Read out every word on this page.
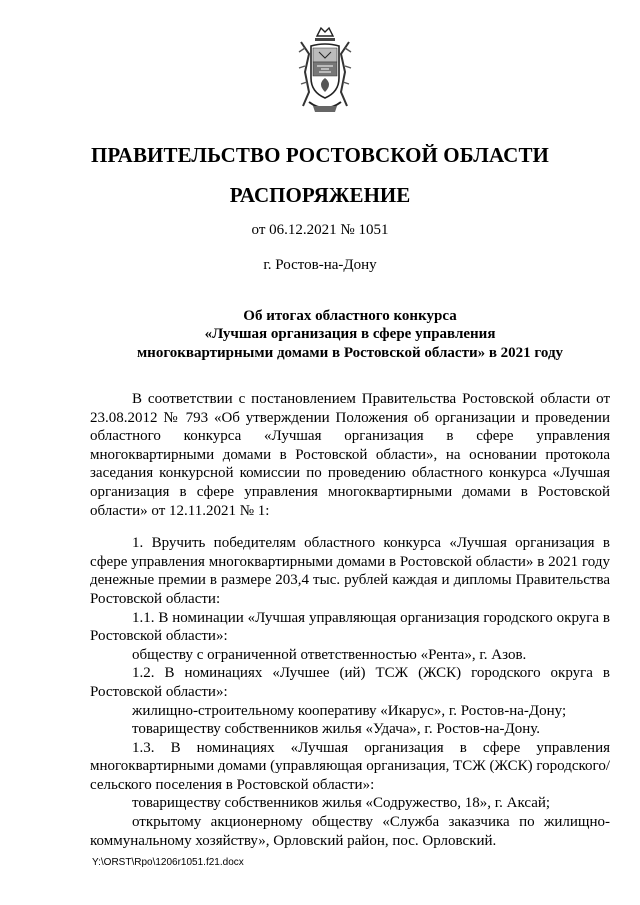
ПРАВИТЕЛЬСТВО РОСТОВСКОЙ ОБЛАСТИ
РАСПОРЯЖЕНИЕ
от 06.12.2021 № 1051
г. Ростов-на-Дону
Об итогах областного конкурса
«Лучшая организация в сфере управления
многоквартирными домами в Ростовской области» в 2021 году

В соответствии с постановлением Правительства Ростовской области от 23.08.2012 № 793 «Об утверждении Положения об организации и проведении областного конкурса «Лучшая организация в сфере управления многоквартирными домами в Ростовской области», на основании протокола заседания конкурсной комиссии по проведению областного конкурса «Лучшая организация в сфере управления многоквартирными домами в Ростовской области» от 12.11.2021 № 1:

1. Вручить победителям областного конкурса «Лучшая организация в сфере управления многоквартирными домами в Ростовской области» в 2021 году денежные премии в размере 203,4 тыс. рублей каждая и дипломы Правительства Ростовской области:

1.1. В номинации «Лучшая управляющая организация городского округа в Ростовской области»:

обществу с ограниченной ответственностью «Рента», г. Азов.

1.2. В номинациях «Лучшее (ий) ТСЖ (ЖСК) городского округа в Ростовской области»:

жилищно-строительному кооперативу «Икарус», г. Ростов-на-Дону;

товариществу собственников жилья «Удача», г. Ростов-на-Дону.

1.3. В номинациях «Лучшая организация в сфере управления многоквартирными домами (управляющая организация, ТСЖ (ЖСК) городского/ сельского поселения в Ростовской области»:

товариществу собственников жилья «Содружество, 18», г. Аксай;

открытому акционерному обществу «Служба заказчика по жилищно-коммунальному хозяйству», Орловский район, пос. Орловский.

Y:\ORST\Rpo\1206r1051.f21.docx
